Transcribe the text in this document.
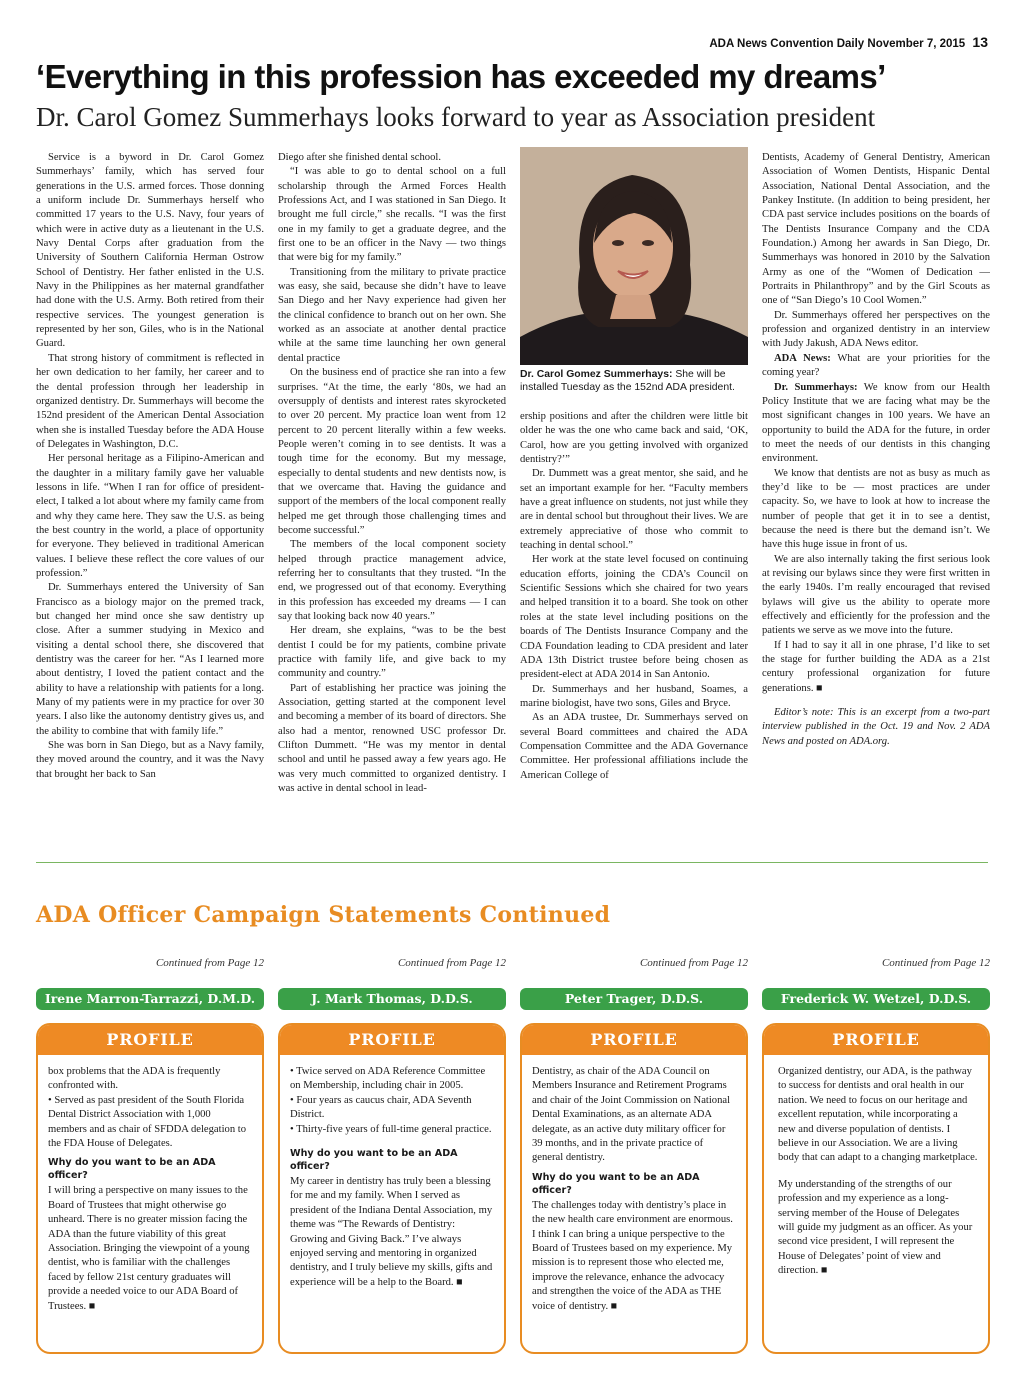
ADA News Convention Daily November 7, 2015 13
‘Everything in this profession has exceeded my dreams’
Dr. Carol Gomez Summerhays looks forward to year as Association president

Service is a byword in Dr. Carol Gomez Summerhays’ family, which has served four generations in the U.S. armed forces. Those donning a uniform include Dr. Summerhays herself who committed 17 years to the U.S. Navy, four years of which were in active duty as a lieutenant in the U.S. Navy Dental Corps after graduation from the University of Southern California Herman Ostrow School of Dentistry. Her father enlisted in the U.S. Navy in the Philippines as her maternal grandfather had done with the U.S. Army. Both retired from their respective services. The youngest generation is represented by her son, Giles, who is in the National Guard.

That strong history of commitment is reflected in her own dedication to her family, her career and to the dental profession through her leadership in organized dentistry. Dr. Summerhays will become the 152nd president of the American Dental Association when she is installed Tuesday before the ADA House of Delegates in Washington, D.C.

Her personal heritage as a Filipino-American and the daughter in a military family gave her valuable lessons in life. “When I ran for office of president-elect, I talked a lot about where my family came from and why they came here. They saw the U.S. as being the best country in the world, a place of opportunity for everyone. They believed in traditional American values. I believe these reflect the core values of our profession.”

Dr. Summerhays entered the University of San Francisco as a biology major on the premed track, but changed her mind once she saw dentistry up close. After a summer studying in Mexico and visiting a dental school there, she discovered that dentistry was the career for her. “As I learned more about dentistry, I loved the patient contact and the ability to have a relationship with patients for a long. Many of my patients were in my practice for over 30 years. I also like the autonomy dentistry gives us, and the ability to combine that with family life.”

She was born in San Diego, but as a Navy family, they moved around the country, and it was the Navy that brought her back to San

Diego after she finished dental school.

“I was able to go to dental school on a full scholarship through the Armed Forces Health Professions Act, and I was stationed in San Diego. It brought me full circle,” she recalls. “I was the first one in my family to get a graduate degree, and the first one to be an officer in the Navy — two things that were big for my family.”

Transitioning from the military to private practice was easy, she said, because she didn’t have to leave San Diego and her Navy experience had given her the clinical confidence to branch out on her own. She worked as an associate at another dental practice while at the same time launching her own general dental practice

On the business end of practice she ran into a few surprises. “At the time, the early ‘80s, we had an oversupply of dentists and interest rates skyrocketed to over 20 percent. My practice loan went from 12 percent to 20 percent literally within a few weeks. People weren’t coming in to see dentists. It was a tough time for the economy. But my message, especially to dental students and new dentists now, is that we overcame that. Having the guidance and support of the members of the local component really helped me get through those challenging times and become successful.”

The members of the local component society helped through practice management advice, referring her to consultants that they trusted. “In the end, we progressed out of that economy. Everything in this profession has exceeded my dreams — I can say that looking back now 40 years.”

Her dream, she explains, “was to be the best dentist I could be for my patients, combine private practice with family life, and give back to my community and country.”

Part of establishing her practice was joining the Association, getting started at the component level and becoming a member of its board of directors. She also had a mentor, renowned USC professor Dr. Clifton Dummett. “He was my mentor in dental school and until he passed away a few years ago. He was very much committed to organized dentistry. I was active in dental school in lead-

Dr. Carol Gomez Summerhays: She will be installed Tuesday as the 152nd ADA president.

ership positions and after the children were little bit older he was the one who came back and said, ‘OK, Carol, how are you getting involved with organized dentistry?’”

Dr. Dummett was a great mentor, she said, and he set an important example for her. “Faculty members have a great influence on students, not just while they are in dental school but throughout their lives. We are extremely appreciative of those who commit to teaching in dental school.”

Her work at the state level focused on continuing education efforts, joining the CDA’s Council on Scientific Sessions which she chaired for two years and helped transition it to a board. She took on other roles at the state level including positions on the boards of The Dentists Insurance Company and the CDA Foundation leading to CDA president and later ADA 13th District trustee before being chosen as president-elect at ADA 2014 in San Antonio.

Dr. Summerhays and her husband, Soames, a marine biologist, have two sons, Giles and Bryce.

As an ADA trustee, Dr. Summerhays served on several Board committees and chaired the ADA Compensation Committee and the ADA Governance Committee. Her professional affiliations include the American College of

Dentists, Academy of General Dentistry, American Association of Women Dentists, Hispanic Dental Association, National Dental Association, and the Pankey Institute. (In addition to being president, her CDA past service includes positions on the boards of The Dentists Insurance Company and the CDA Foundation.) Among her awards in San Diego, Dr. Summerhays was honored in 2010 by the Salvation Army as one of the “Women of Dedication — Portraits in Philanthropy” and by the Girl Scouts as one of “San Diego’s 10 Cool Women.”

Dr. Summerhays offered her perspectives on the profession and organized dentistry in an interview with Judy Jakush, ADA News editor.

ADA News: What are your priorities for the coming year?

Dr. Summerhays: We know from our Health Policy Institute that we are facing what may be the most significant changes in 100 years. We have an opportunity to build the ADA for the future, in order to meet the needs of our dentists in this changing environment.

We know that dentists are not as busy as much as they’d like to be — most practices are under capacity. So, we have to look at how to increase the number of people that get it in to see a dentist, because the need is there but the demand isn’t. We have this huge issue in front of us.

We are also internally taking the first serious look at revising our bylaws since they were first written in the early 1940s. I’m really encouraged that revised bylaws will give us the ability to operate more effectively and efficiently for the profession and the patients we serve as we move into the future.

If I had to say it all in one phrase, I’d like to set the stage for further building the ADA as a 21st century professional organization for future generations. ■

Editor’s note: This is an excerpt from a two-part interview published in the Oct. 19 and Nov. 2 ADA News and posted on ADA.org.

ADA Officer Campaign Statements Continued
Continued from Page 12
Irene Marron-Tarrazzi, D.M.D.
PROFILE

box problems that the ADA is frequently confronted with.

• Served as past president of the South Florida Dental District Association with 1,000 members and as chair of SFDDA delegation to the FDA House of Delegates.

Why do you want to be an ADA officer?

I will bring a perspective on many issues to the Board of Trustees that might otherwise go unheard. There is no greater mission facing the ADA than the future viability of this great Association. Bringing the viewpoint of a young dentist, who is familiar with the challenges faced by fellow 21st century graduates will provide a needed voice to our ADA Board of Trustees. ■

Continued from Page 12
J. Mark Thomas, D.D.S.
PROFILE

• Twice served on ADA Reference Committee on Membership, including chair in 2005.

• Four years as caucus chair, ADA Seventh District.
• Thirty-five years of full-time general practice.

Why do you want to be an ADA officer?

My career in dentistry has truly been a blessing for me and my family. When I served as president of the Indiana Dental Association, my theme was “The Rewards of Dentistry: Growing and Giving Back.” I’ve always enjoyed serving and mentoring in organized dentistry, and I truly believe my skills, gifts and experience will be a help to the Board. ■

Continued from Page 12
Peter Trager, D.D.S.
PROFILE

Dentistry, as chair of the ADA Council on Members Insurance and Retirement Programs and chair of the Joint Commission on National Dental Examinations, as an alternate ADA delegate, as an active duty military officer for 39 months, and in the private practice of general dentistry.

Why do you want to be an ADA officer?

The challenges today with dentistry’s place in the new health care environment are enormous. I think I can bring a unique perspective to the Board of Trustees based on my experience. My mission is to represent those who elected me, improve the relevance, enhance the advocacy and strengthen the voice of the ADA as THE voice of dentistry. ■

Continued from Page 12
Frederick W. Wetzel, D.D.S.
PROFILE

Organized dentistry, our ADA, is the pathway to success for dentists and oral health in our nation. We need to focus on our heritage and excellent reputation, while incorporating a new and diverse population of dentists. I believe in our Association. We are a living body that can adapt to a changing marketplace.

My understanding of the strengths of our profession and my experience as a long-serving member of the House of Delegates will guide my judgment as an officer. As your second vice president, I will represent the House of Delegates’ point of view and direction. ■
